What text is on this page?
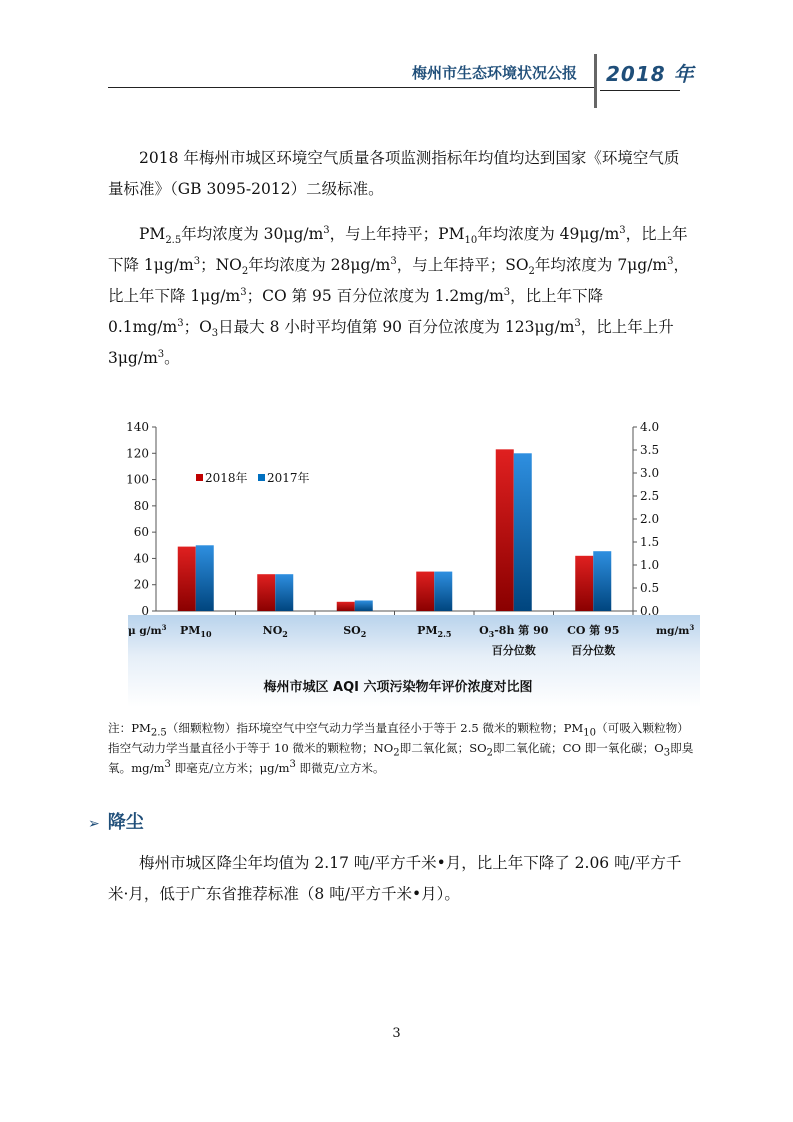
梅州市生态环境状况公报 2018 年

2018 年梅州市城区环境空气质量各项监测指标年均值均达到国家《环境空气质量标准》（GB 3095-2012）二级标准。

$PM_{2.5}$年均浓度为 $30\mu g/m^3$，与上年持平；$PM_{10}$年均浓度为 $49\mu g/m^3$，比上年下降 $1\mu g/m^3$；$NO_2$年均浓度为 $28\mu g/m^3$，与上年持平；$SO_2$年均浓度为 $7\mu g/m^3$，比上年下降 $1\mu g/m^3$；CO 第 95 百分位浓度为 $1.2mg/m^3$，比上年下降 $0.1mg/m^3$；$O_3$日最大 8 小时平均值第 90 百分位浓度为 $123\mu g/m^3$，比上年上升 $3\mu g/m^3$。

0
20
40
60
80
100
120
140
0.0
0.5
1.0
1.5
2.0
2.5
3.0
3.5
4.0
$PM_{10}$	$NO_2$	$SO_2$	$PM_{2.5}$	$O_3-8h$ 第 90
百分位数
CO 第 95
百分位数
μ $g/m^3$	$mg/m^3$
2018年 2017年
梅州市城区 AQI 六项污染物年评价浓度对比图

注：$PM_{2.5}$（细颗粒物）指环境空气中空气动力学当量直径小于等于 2.5 微米的颗粒物；$PM_{10}$（可吸入颗粒物）指空气动力学当量直径小于等于 10 微米的颗粒物；$NO_2$即二氧化氮；$SO_2$即二氧化硫；CO 即一氧化碳；$O_3$即臭氧。$mg/m^3$ 即毫克/立方米；$\mu g/m^3$ 即微克/立方米。

➢ 降尘

梅州市城区降尘年均值为 2.17 吨/平方千米•月，比上年下降了 2.06 吨/平方千米·月，低于广东省推荐标准（8 吨/平方千米•月）。

3
